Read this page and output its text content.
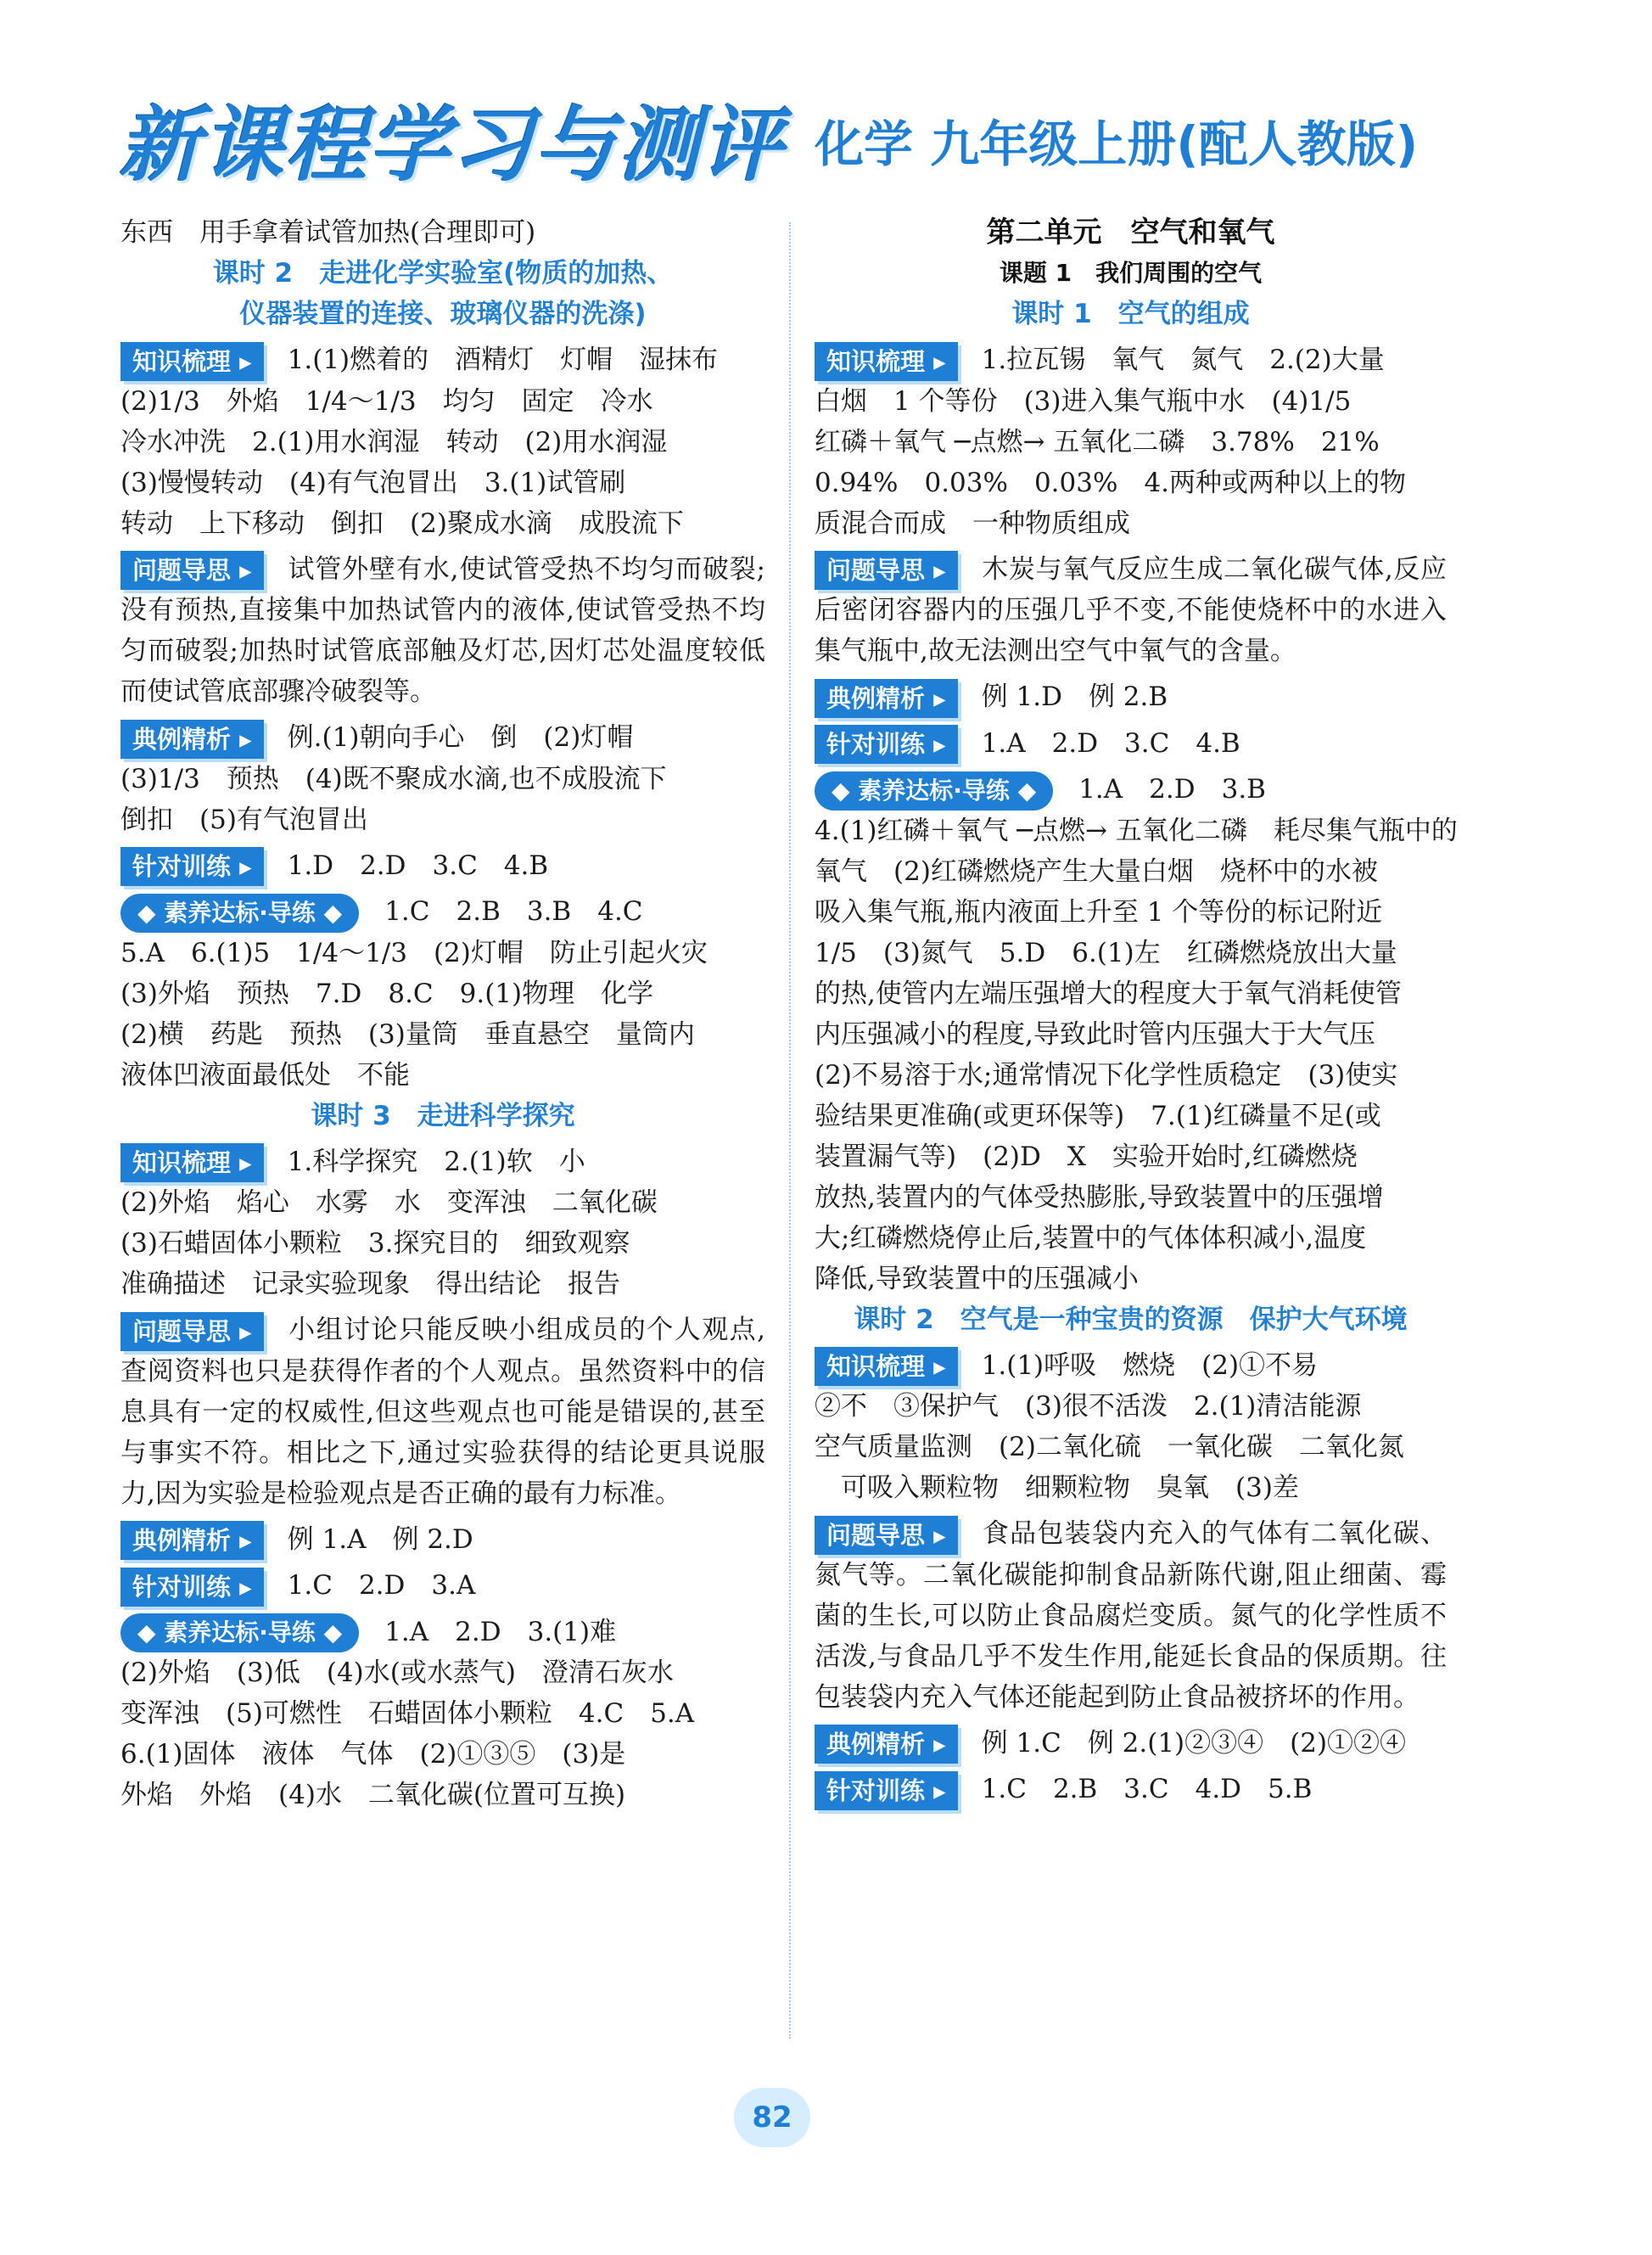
新课程学习与测评 化学 九年级上册(配人教版)
东西　用手拿着试管加热(合理即可)
课时 2　走进化学实验室(物质的加热、
仪器装置的连接、玻璃仪器的洗涤)
知识梳理 ▸ 1.(1)燃着的　酒精灯　灯帽　湿抹布
(2)1/3　外焰　1/4～1/3　均匀　固定　冷水
冷水冲洗　2.(1)用水润湿　转动　(2)用水润湿
(3)慢慢转动　(4)有气泡冒出　3.(1)试管刷
转动　上下移动　倒扣　(2)聚成水滴　成股流下
问题导思 ▸ 试管外壁有水,使试管受热不均匀而破裂;没有预热,直接集中加热试管内的液体,使试管受热不均匀而破裂;加热时试管底部触及灯芯,因灯芯处温度较低而使试管底部骤冷破裂等。
典例精析 ▸ 例.(1)朝向手心　倒　(2)灯帽
(3)1/3　预热　(4)既不聚成水滴,也不成股流下
倒扣　(5)有气泡冒出
针对训练 ▸ 1.D　2.D　3.C　4.B
◆ 素养达标·导练 ◆ 1.C　2.B　3.B　4.C
5.A　6.(1)5　1/4～1/3　(2)灯帽　防止引起火灾
(3)外焰　预热　7.D　8.C　9.(1)物理　化学
(2)横　药匙　预热　(3)量筒　垂直悬空　量筒内
液体凹液面最低处　不能
课时 3　走进科学探究
知识梳理 ▸ 1.科学探究　2.(1)软　小
(2)外焰　焰心　水雾　水　变浑浊　二氧化碳
(3)石蜡固体小颗粒　3.探究目的　细致观察
准确描述　记录实验现象　得出结论　报告
问题导思 ▸ 小组讨论只能反映小组成员的个人观点,查阅资料也只是获得作者的个人观点。虽然资料中的信息具有一定的权威性,但这些观点也可能是错误的,甚至与事实不符。相比之下,通过实验获得的结论更具说服力,因为实验是检验观点是否正确的最有力标准。
典例精析 ▸ 例 1.A　例 2.D
针对训练 ▸ 1.C　2.D　3.A
◆ 素养达标·导练 ◆ 1.A　2.D　3.(1)难
(2)外焰　(3)低　(4)水(或水蒸气)　澄清石灰水
变浑浊　(5)可燃性　石蜡固体小颗粒　4.C　5.A
6.(1)固体　液体　气体　(2)①③⑤　(3)是
外焰　外焰　(4)水　二氧化碳(位置可互换)
第二单元　空气和氧气
课题 1　我们周围的空气
课时 1　空气的组成
知识梳理 ▸ 1.拉瓦锡　氧气　氮气　2.(2)大量
白烟　1 个等份　(3)进入集气瓶中水　(4)1/5
红磷＋氧气 ─点燃→ 五氧化二磷　3.78%　21%
0.94%　0.03%　0.03%　4.两种或两种以上的物
质混合而成　一种物质组成
问题导思 ▸ 木炭与氧气反应生成二氧化碳气体,反应后密闭容器内的压强几乎不变,不能使烧杯中的水进入集气瓶中,故无法测出空气中氧气的含量。
典例精析 ▸ 例 1.D　例 2.B
针对训练 ▸ 1.A　2.D　3.C　4.B
◆ 素养达标·导练 ◆ 1.A　2.D　3.B
4.(1)红磷＋氧气 ─点燃→ 五氧化二磷　耗尽集气瓶中的
氧气　(2)红磷燃烧产生大量白烟　烧杯中的水被
吸入集气瓶,瓶内液面上升至 1 个等份的标记附近
1/5　(3)氮气　5.D　6.(1)左　红磷燃烧放出大量
的热,使管内左端压强增大的程度大于氧气消耗使管
内压强减小的程度,导致此时管内压强大于大气压
(2)不易溶于水;通常情况下化学性质稳定　(3)使实
验结果更准确(或更环保等)　7.(1)红磷量不足(或
装置漏气等)　(2)D　X　实验开始时,红磷燃烧
放热,装置内的气体受热膨胀,导致装置中的压强增
大;红磷燃烧停止后,装置中的气体体积减小,温度
降低,导致装置中的压强减小
课时 2　空气是一种宝贵的资源　保护大气环境
知识梳理 ▸ 1.(1)呼吸　燃烧　(2)①不易
②不　③保护气　(3)很不活泼　2.(1)清洁能源
空气质量监测　(2)二氧化硫　一氧化碳　二氧化氮
　可吸入颗粒物　细颗粒物　臭氧　(3)差
问题导思 ▸ 食品包装袋内充入的气体有二氧化碳、氮气等。二氧化碳能抑制食品新陈代谢,阻止细菌、霉菌的生长,可以防止食品腐烂变质。氮气的化学性质不活泼,与食品几乎不发生作用,能延长食品的保质期。往包装袋内充入气体还能起到防止食品被挤坏的作用。
典例精析 ▸ 例 1.C　例 2.(1)②③④　(2)①②④
针对训练 ▸ 1.C　2.B　3.C　4.D　5.B
82
